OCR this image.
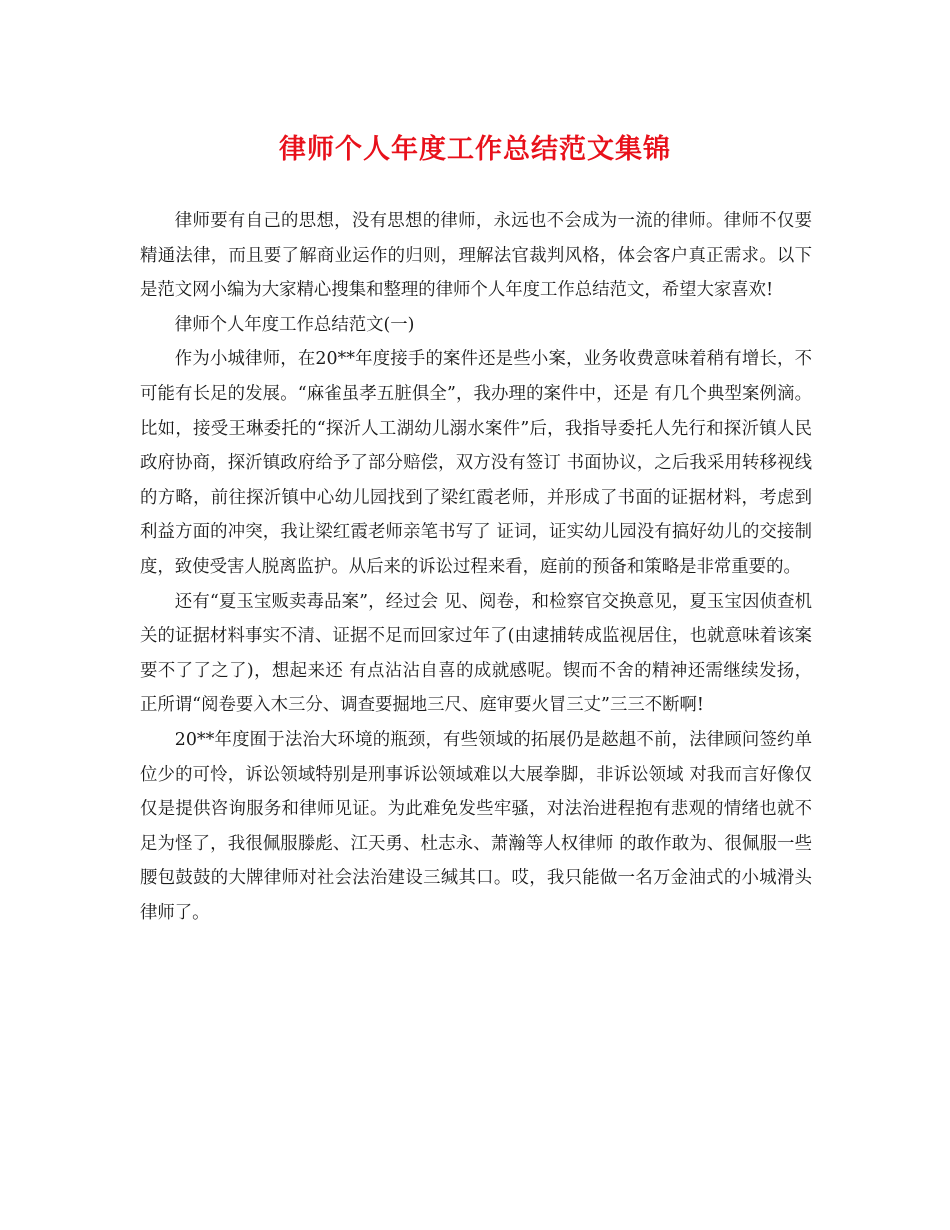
律师个人年度工作总结范文集锦

律师要有自己的思想，没有思想的律师，永远也不会成为一流的律师。律师不仅要精通法律，而且要了解商业运作的归则，理解法官裁判风格，体会客户真正需求。以下是范文网小编为大家精心搜集和整理的律师个人年度工作总结范文，希望大家喜欢!

律师个人年度工作总结范文(一)

作为小城律师，在20**年度接手的案件还是些小案，业务收费意味着稍有增长，不可能有长足的发展。“麻雀虽孝五脏俱全”，我办理的案件中，还是 有几个典型案例滴。比如，接受王琳委托的“探沂人工湖幼儿溺水案件”后，我指导委托人先行和探沂镇人民政府协商，探沂镇政府给予了部分赔偿，双方没有签订 书面协议，之后我采用转移视线的方略，前往探沂镇中心幼儿园找到了梁红霞老师，并形成了书面的证据材料，考虑到利益方面的冲突，我让梁红霞老师亲笔书写了 证词，证实幼儿园没有搞好幼儿的交接制度，致使受害人脱离监护。从后来的诉讼过程来看，庭前的预备和策略是非常重要的。

还有“夏玉宝贩卖毒品案”，经过会 见、阅卷，和检察官交换意见，夏玉宝因侦查机关的证据材料事实不清、证据不足而回家过年了(由逮捕转成监视居住，也就意味着该案要不了了之了)，想起来还 有点沾沾自喜的成就感呢。锲而不舍的精神还需继续发扬，正所谓“阅卷要入木三分、调查要掘地三尺、庭审要火冒三丈”三三不断啊!

20**年度囿于法治大环境的瓶颈，有些领域的拓展仍是趑趄不前，法律顾问签约单位少的可怜，诉讼领域特别是刑事诉讼领域难以大展拳脚，非诉讼领域 对我而言好像仅仅是提供咨询服务和律师见证。为此难免发些牢骚，对法治进程抱有悲观的情绪也就不足为怪了，我很佩服滕彪、江天勇、杜志永、萧瀚等人权律师 的敢作敢为、很佩服一些腰包鼓鼓的大牌律师对社会法治建设三缄其口。哎，我只能做一名万金油式的小城滑头律师了。
